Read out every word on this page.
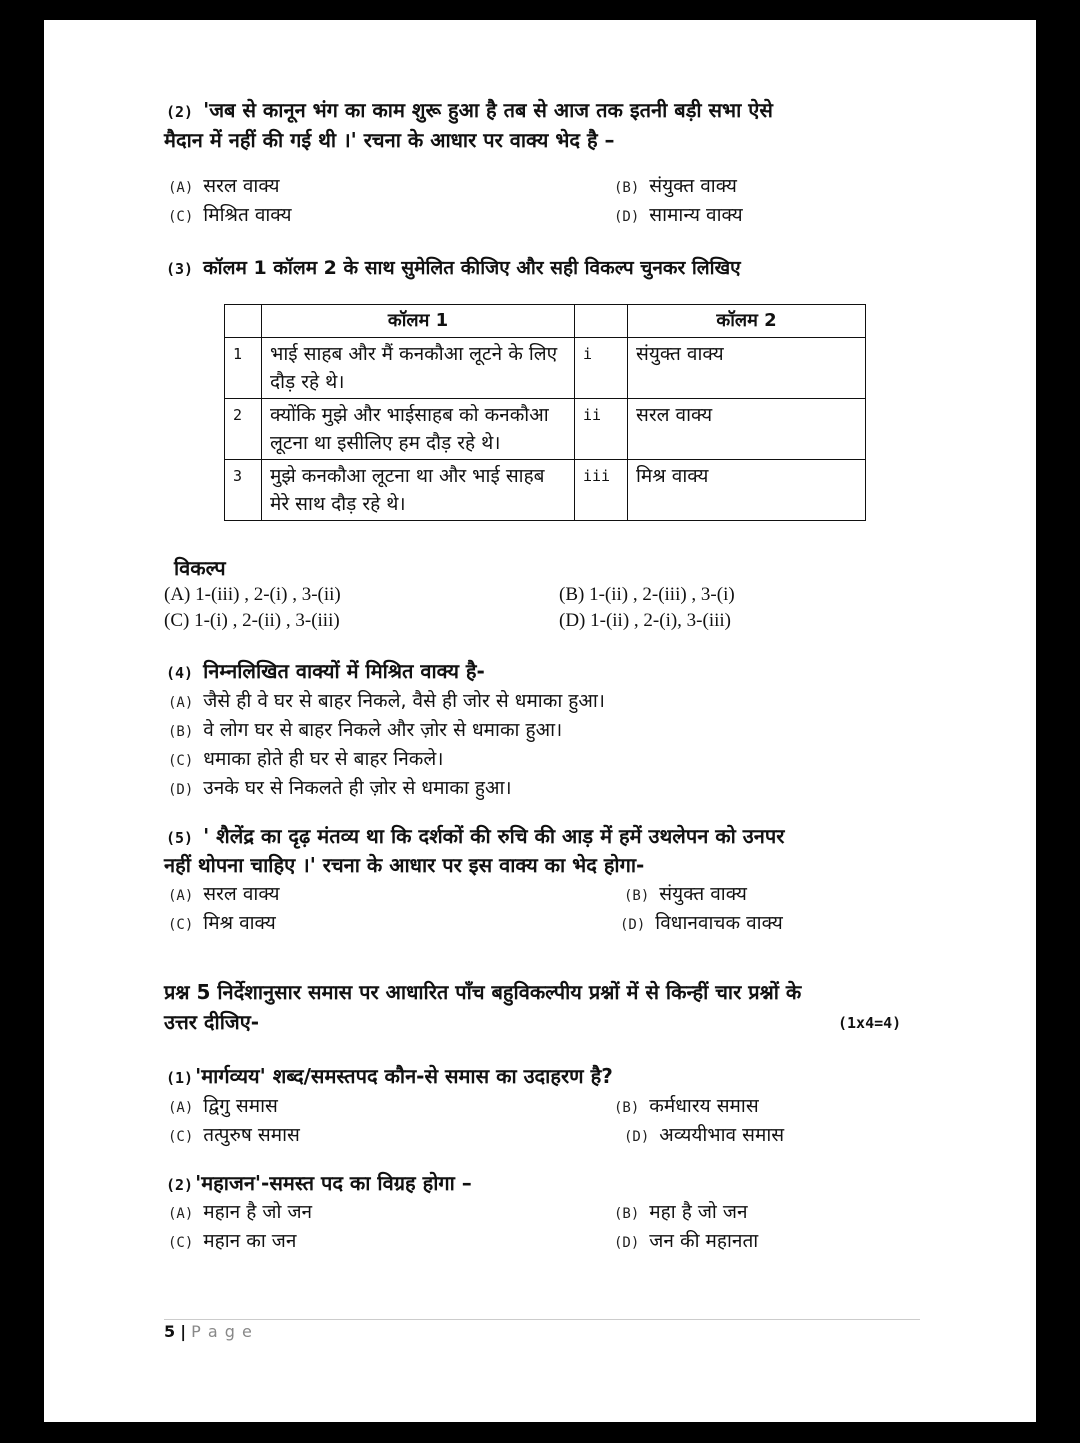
(2) 'जब से कानून भंग का काम शुरू हुआ है तब से आज तक इतनी बड़ी सभा ऐसे
मैदान में नहीं की गई थी ।' रचना के आधार पर वाक्य भेद है –
(A) सरल वाक्य	(B) संयुक्त वाक्य
(C) मिश्रित वाक्य	(D) सामान्य वाक्य
(3) कॉलम 1 कॉलम 2 के साथ सुमेलित कीजिए और सही विकल्प चुनकर लिखिए
	कॉलम 1		कॉलम 2
1	भाई साहब और मैं कनकौआ लूटने के लिए दौड़ रहे थे।	i	संयुक्त वाक्य
2	क्योंकि मुझे और भाईसाहब को कनकौआ लूटना था इसीलिए हम दौड़ रहे थे।	ii	सरल वाक्य
3	मुझे कनकौआ लूटना था और भाई साहब मेरे साथ दौड़ रहे थे।	iii	मिश्र वाक्य
विकल्प
(A) 1-(iii) , 2-(i) , 3-(ii)	(B) 1-(ii) , 2-(iii) , 3-(i)
(C) 1-(i) , 2-(ii) , 3-(iii)	(D) 1-(ii) , 2-(i), 3-(iii)
(4) निम्नलिखित वाक्यों में मिश्रित वाक्य है-
(A) जैसे ही वे घर से बाहर निकले, वैसे ही जोर से धमाका हुआ।
(B) वे लोग घर से बाहर निकले और ज़ोर से धमाका हुआ।
(C) धमाका होते ही घर से बाहर निकले।
(D) उनके घर से निकलते ही ज़ोर से धमाका हुआ।
(5) ' शैलेंद्र का दृढ़ मंतव्य था कि दर्शकों की रुचि की आड़ में हमें उथलेपन को उनपर
नहीं थोपना चाहिए ।' रचना के आधार पर इस वाक्य का भेद होगा-
(A) सरल वाक्य	(B) संयुक्त वाक्य
(C) मिश्र वाक्य	(D) विधानवाचक वाक्य
प्रश्न 5 निर्देशानुसार समास पर आधारित पाँच बहुविकल्पीय प्रश्नों में से किन्हीं चार प्रश्नों के
उत्तर दीजिए-	(1x4=4)
(1) 'मार्गव्यय' शब्द/समस्तपद कौन-से समास का उदाहरण है?
(A) द्विगु समास	(B) कर्मधारय समास
(C) तत्पुरुष समास	(D) अव्ययीभाव समास
(2) 'महाजन'-समस्त पद का विग्रह होगा –
(A) महान है जो जन	(B) महा है जो जन
(C) महान का जन	(D) जन की महानता
5 | P a g e
